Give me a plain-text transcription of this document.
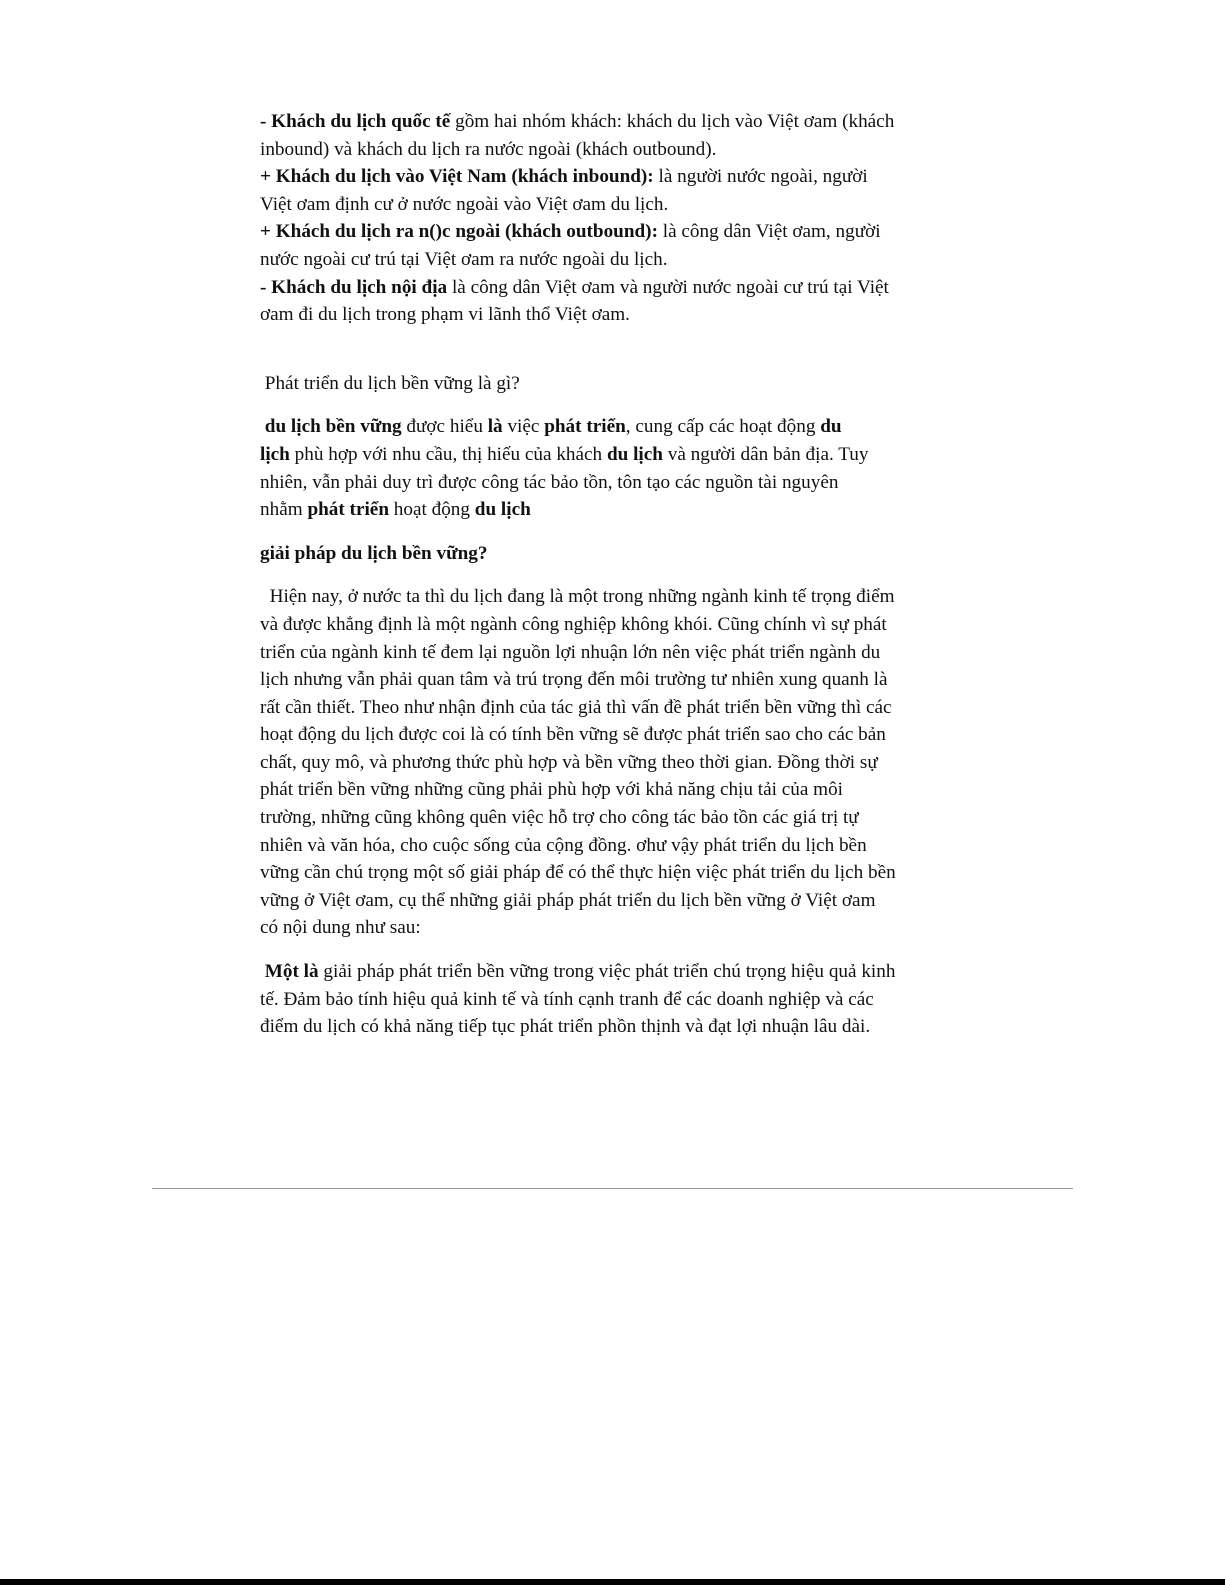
- Khách du lịch quốc tế gồm hai nhóm khách: khách du lịch vào Việt ơam (khách
inbound) và khách du lịch ra nước ngoài (khách outbound).

+ Khách du lịch vào Việt Nam (khách inbound): là người nước ngoài, người
Việt ơam định cư ở nước ngoài vào Việt ơam du lịch.

+ Khách du lịch ra n()c ngoài (khách outbound): là công dân Việt ơam, người
nước ngoài cư trú tại Việt ơam ra nước ngoài du lịch.

- Khách du lịch nội địa là công dân Việt ơam và người nước ngoài cư trú tại Việt
ơam đi du lịch trong phạm vi lãnh thổ Việt ơam.

Phát triển du lịch bền vững là gì?

du lịch bền vững được hiểu là việc phát triển, cung cấp các hoạt động du
lịch phù hợp với nhu cầu, thị hiếu của khách du lịch và người dân bản địa. Tuy
nhiên, vẫn phải duy trì được công tác bảo tồn, tôn tạo các nguồn tài nguyên
nhằm phát triển hoạt động du lịch

giải pháp du lịch bền vững?

Hiện nay, ở nước ta thì du lịch đang là một trong những ngành kinh tế trọng điểm
và được khẳng định là một ngành công nghiệp không khói. Cũng chính vì sự phát
triển của ngành kinh tế đem lại nguồn lợi nhuận lớn nên việc phát triển ngành du
lịch nhưng vẫn phải quan tâm và trú trọng đến môi trường tư nhiên xung quanh là
rất cần thiết. Theo như nhận định của tác giả thì vấn đề phát triển bền vững thì các
hoạt động du lịch được coi là có tính bền vững sẽ được phát triển sao cho các bản
chất, quy mô, và phương thức phù hợp và bền vững theo thời gian. Đồng thời sự
phát triển bền vững những cũng phải phù hợp với khả năng chịu tải của môi
trường, những cũng không quên việc hỗ trợ cho công tác bảo tồn các giá trị tự
nhiên và văn hóa, cho cuộc sống của cộng đồng. ơhư vậy phát triển du lịch bền
vững cần chú trọng một số giải pháp để có thể thực hiện việc phát triển du lịch bền
vững ở Việt ơam, cụ thể những giải pháp phát triển du lịch bền vững ở Việt ơam
có nội dung như sau:

Một là giải pháp phát triển bền vững trong việc phát triển chú trọng hiệu quả kinh
tế. Đảm bảo tính hiệu quả kinh tế và tính cạnh tranh để các doanh nghiệp và các
điểm du lịch có khả năng tiếp tục phát triển phồn thịnh và đạt lợi nhuận lâu dài.
